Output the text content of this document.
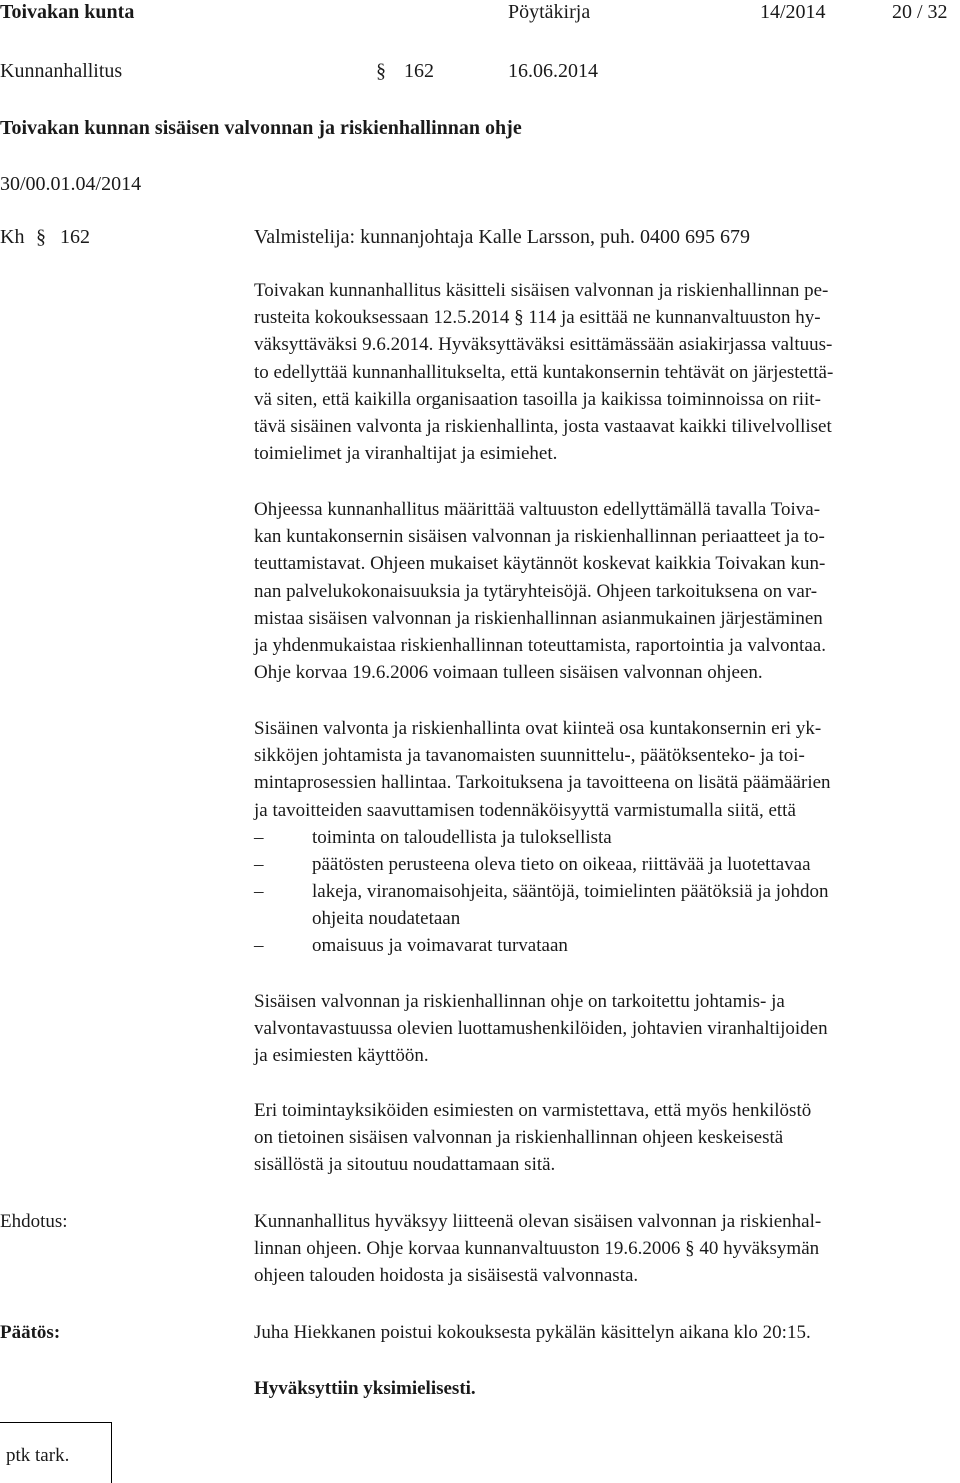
Toivakan kunta	Pöytäkirja	14/2014	20 / 32
Kunnanhallitus	§ 162	16.06.2014
Toivakan kunnan sisäisen valvonnan ja riskienhallinnan ohje
30/00.01.04/2014
Kh § 162	Valmistelija: kunnanjohtaja Kalle Larsson, puh. 0400 695 679
Toivakan kunnanhallitus käsitteli sisäisen valvonnan ja riskienhallinnan pe-
rusteita kokouksessaan 12.5.2014 § 114 ja esittää ne kunnanvaltuuston hy-
väksyttäväksi 9.6.2014. Hyväksyttäväksi esittämässään asiakirjassa valtuus-
to edellyttää kunnanhallitukselta, että kuntakonsernin tehtävät on järjestettä-
vä siten, että kaikilla organisaation tasoilla ja kaikissa toiminnoissa on riit-
tävä sisäinen valvonta ja riskienhallinta, josta vastaavat kaikki tilivelvolliset
toimielimet ja viranhaltijat ja esimiehet.
Ohjeessa kunnanhallitus määrittää valtuuston edellyttämällä tavalla Toiva-
kan kuntakonsernin sisäisen valvonnan ja riskienhallinnan periaatteet ja to-
teuttamistavat. Ohjeen mukaiset käytännöt koskevat kaikkia Toivakan kun-
nan palvelukokonaisuuksia ja tytäryhteisöjä. Ohjeen tarkoituksena on var-
mistaa sisäisen valvonnan ja riskienhallinnan asianmukainen järjestäminen
ja yhdenmukaistaa riskienhallinnan toteuttamista, raportointia ja valvontaa.
Ohje korvaa 19.6.2006 voimaan tulleen sisäisen valvonnan ohjeen.
Sisäinen valvonta ja riskienhallinta ovat kiinteä osa kuntakonsernin eri yk-
sikköjen johtamista ja tavanomaisten suunnittelu-, päätöksenteko- ja toi-
mintaprosessien hallintaa. Tarkoituksena ja tavoitteena on lisätä päämäärien
ja tavoitteiden saavuttamisen todennäköisyyttä varmistumalla siitä, että
–	toiminta on taloudellista ja tuloksellista
–	päätösten perusteena oleva tieto on oikeaa, riittävää ja luotettavaa
–	lakeja, viranomaisohjeita, sääntöjä, toimielinten päätöksiä ja johdon
ohjeita noudatetaan
–	omaisuus ja voimavarat turvataan
Sisäisen valvonnan ja riskienhallinnan ohje on tarkoitettu johtamis- ja
valvontavastuussa olevien luottamushenkilöiden, johtavien viranhaltijoiden
ja esimiesten käyttöön.
Eri toimintayksiköiden esimiesten on varmistettava, että myös henkilöstö
on tietoinen sisäisen valvonnan ja riskienhallinnan ohjeen keskeisestä
sisällöstä ja sitoutuu noudattamaan sitä.
Ehdotus:	Kunnanhallitus hyväksyy liitteenä olevan sisäisen valvonnan ja riskienhal-
linnan ohjeen. Ohje korvaa kunnanvaltuuston 19.6.2006 § 40 hyväksymän
ohjeen talouden hoidosta ja sisäisestä valvonnasta.
Päätös:	Juha Hiekkanen poistui kokouksesta pykälän käsittelyn aikana klo 20:15.
Hyväksyttiin yksimielisesti.
ptk tark.
